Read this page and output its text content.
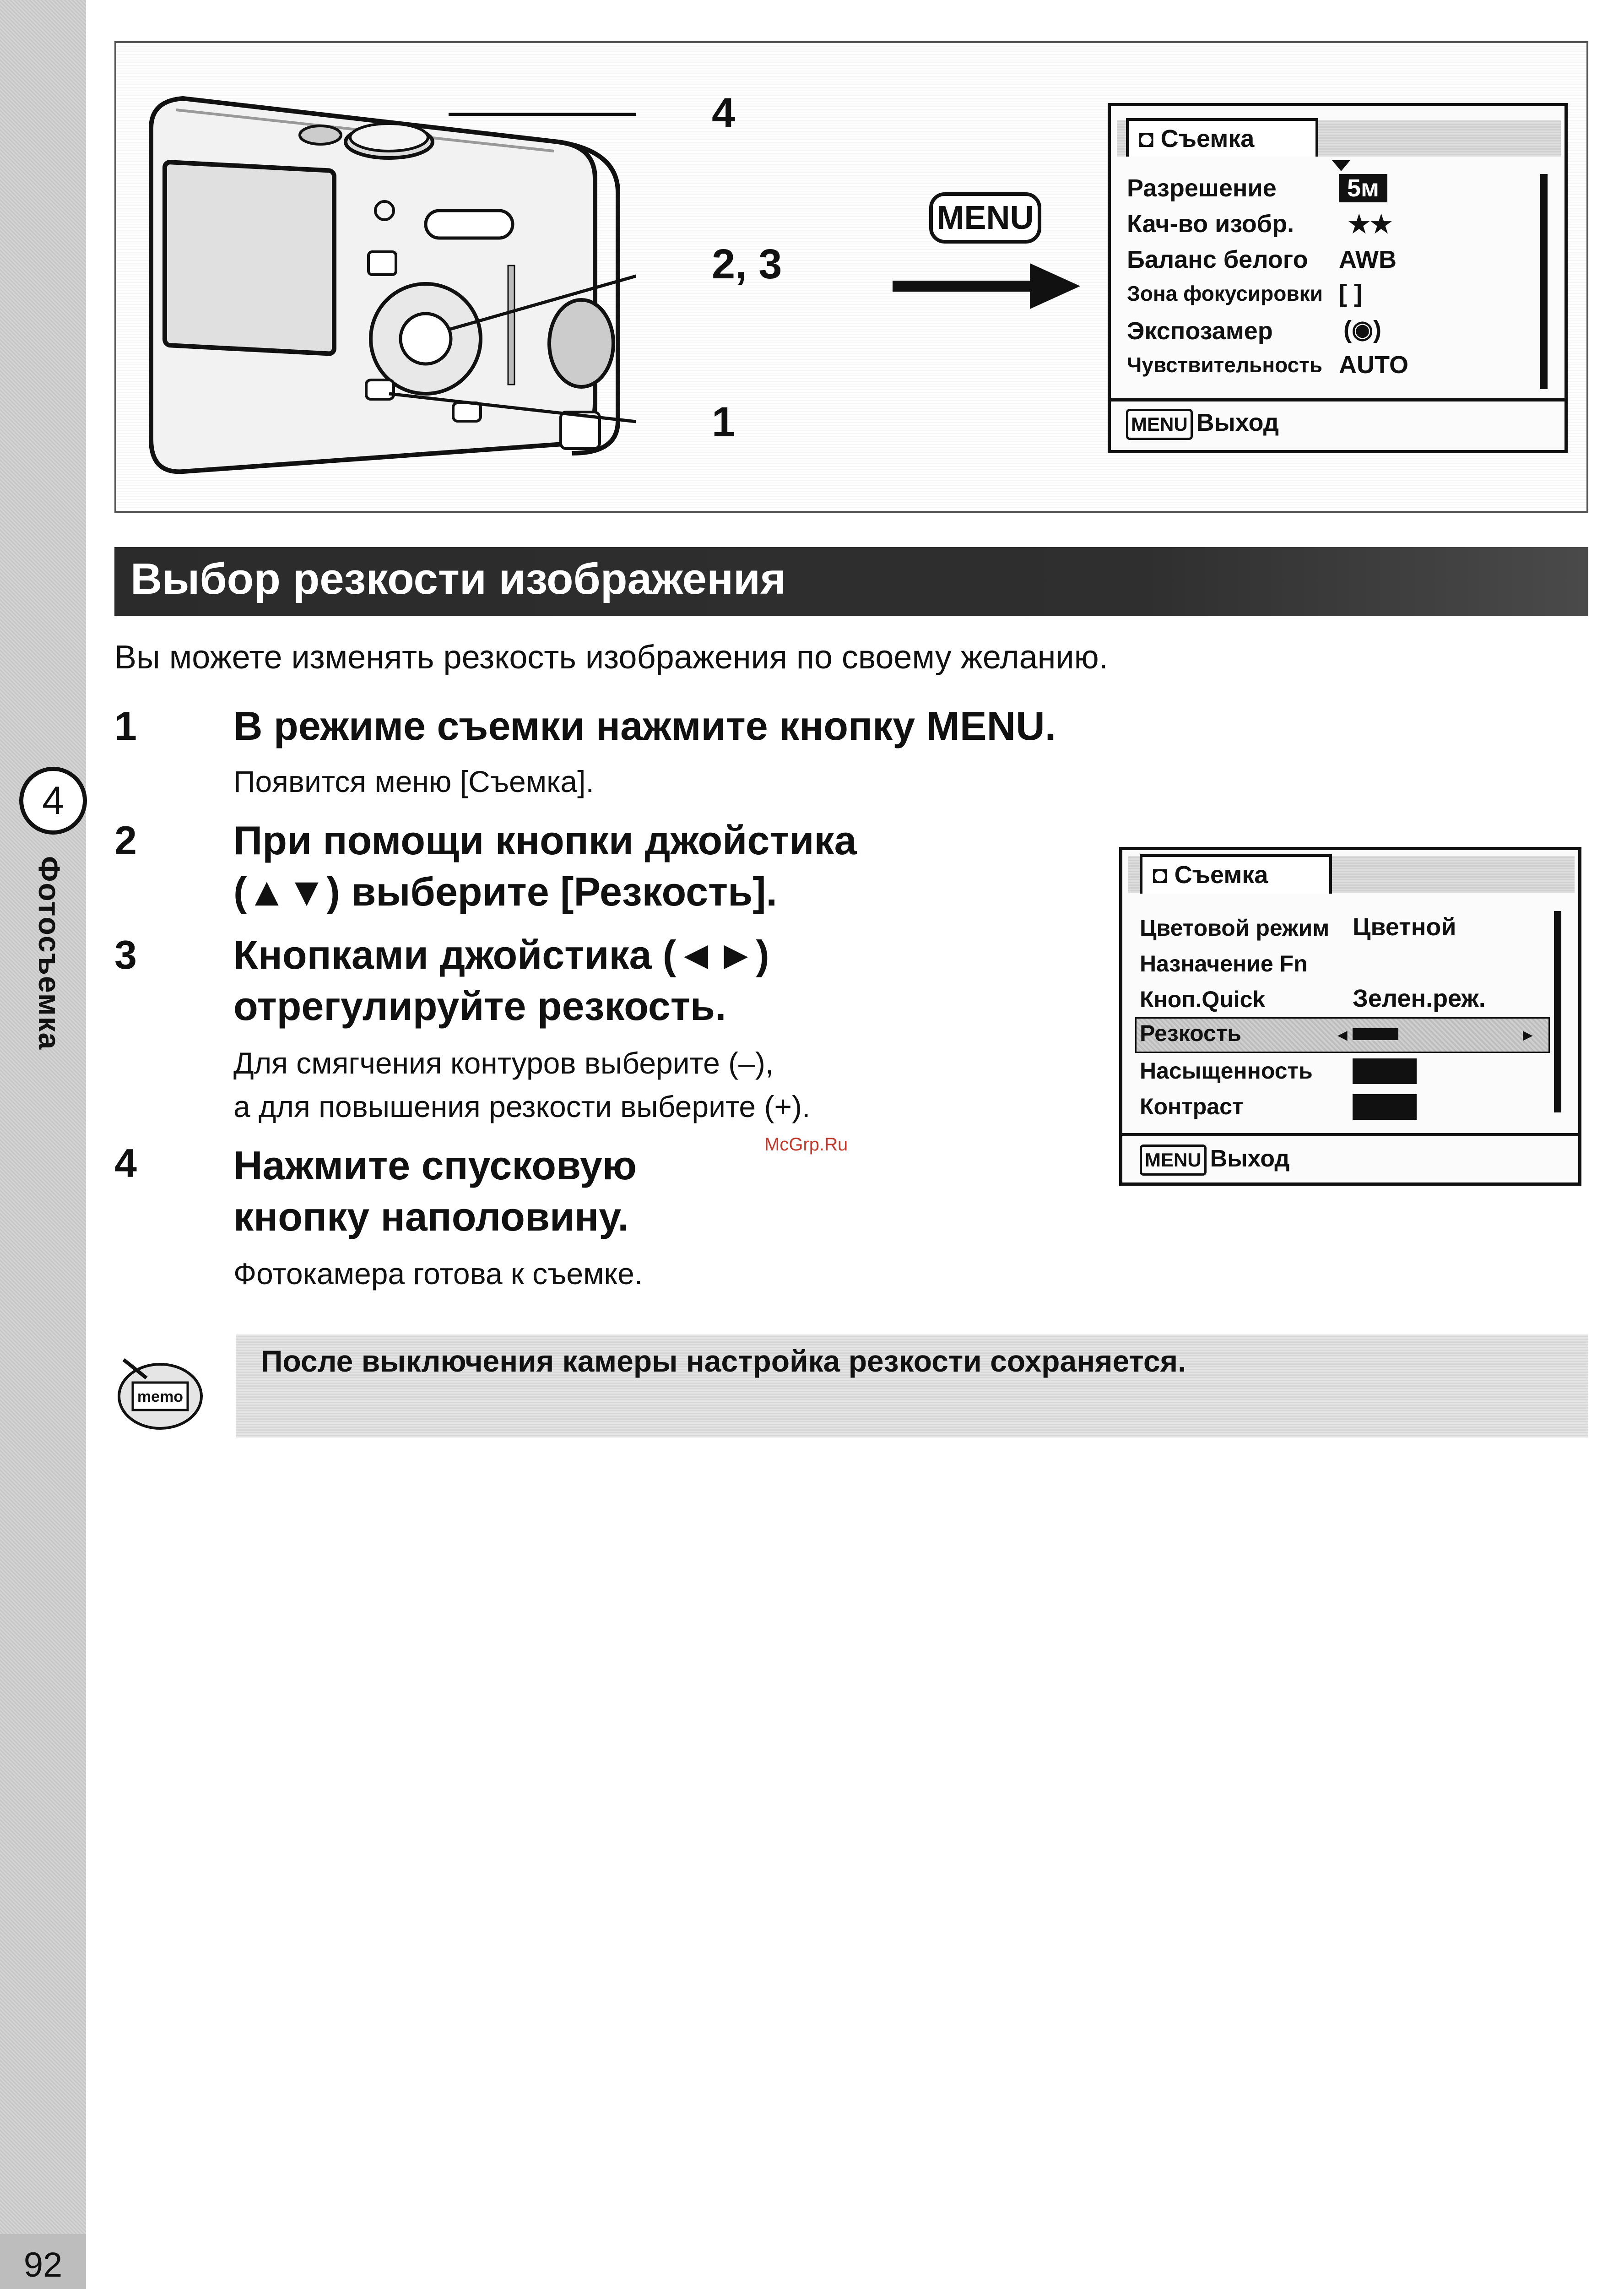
4
Фотосъемка
92
4
2, 3
1
MENU
◘ Съемка
Разрешение	5м
Кач-во изобр. ★★
Баланс белого AWB
Зона фокусировки [ ]
Экспозамер	(◉)
Чувствительность AUTO
MENU Выход
Выбор резкости изображения
Вы можете изменять резкость изображения по своему желанию.
1 В режиме съемки нажмите кнопку MENU.
Появится меню [Съемка].
2 При помощи кнопки джойстика
(▲▼) выберите [Резкость].
3 Кнопками джойстика (◄►)
отрегулируйте резкость.
Для смягчения контуров выберите (–),
а для повышения резкости выберите (+).
4 Нажмите спусковую
кнопку наполовину.
Фотокамера готова к съемке.
◘ Съемка
Цветовой режим Цветной
Назначение Fn
Кноп.Quick	Зелен.реж.
Резкость	◄	►
Насыщенность
Контраст
MENU Выход
McGrp.Ru
memo
После выключения камеры настройка резкости сохраняется.
